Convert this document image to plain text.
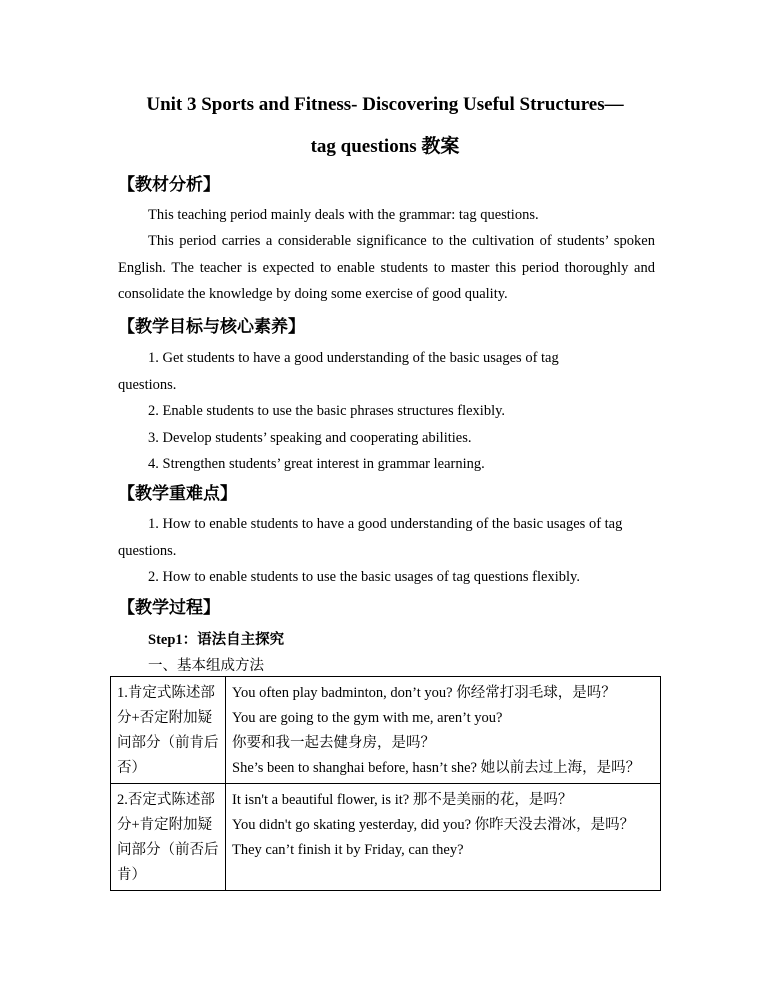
Unit 3 Sports and Fitness- Discovering Useful Structures—
tag questions 教案
【教材分析】
This teaching period mainly deals with the grammar: tag questions.
This period carries a considerable significance to the cultivation of students’ spoken English. The teacher is expected to enable students to master this period thoroughly and consolidate the knowledge by doing some exercise of good quality.
【教学目标与核心素养】
1. Get students to have a good understanding of the basic usages of tag questions.
2. Enable students to use the basic phrases structures flexibly.
3. Develop students’ speaking and cooperating abilities.
4. Strengthen students’ great interest in grammar learning.
【教学重难点】
1. How to enable students to have a good understanding of the basic usages of tag questions.
2. How to enable students to use the basic usages of tag questions flexibly.
【教学过程】
Step1：语法自主探究
一、基本组成方法
1.肯定式陈述部分+否定附加疑问部分（前肯后否）	You often play badminton, don’t you? 你经常打羽毛球，是吗？
You are going to the gym with me, aren’t you?
你要和我一起去健身房，是吗？
She’s been to shanghai before, hasn’t she? 她以前去过上海，是吗？

2.否定式陈述部分+肯定附加疑问部分（前否后肯）	It isn't a beautiful flower, is it? 那不是美丽的花，是吗？
You didn't go skating yesterday, did you? 你昨天没去滑冰，是吗？
They can’t finish it by Friday, can they?
